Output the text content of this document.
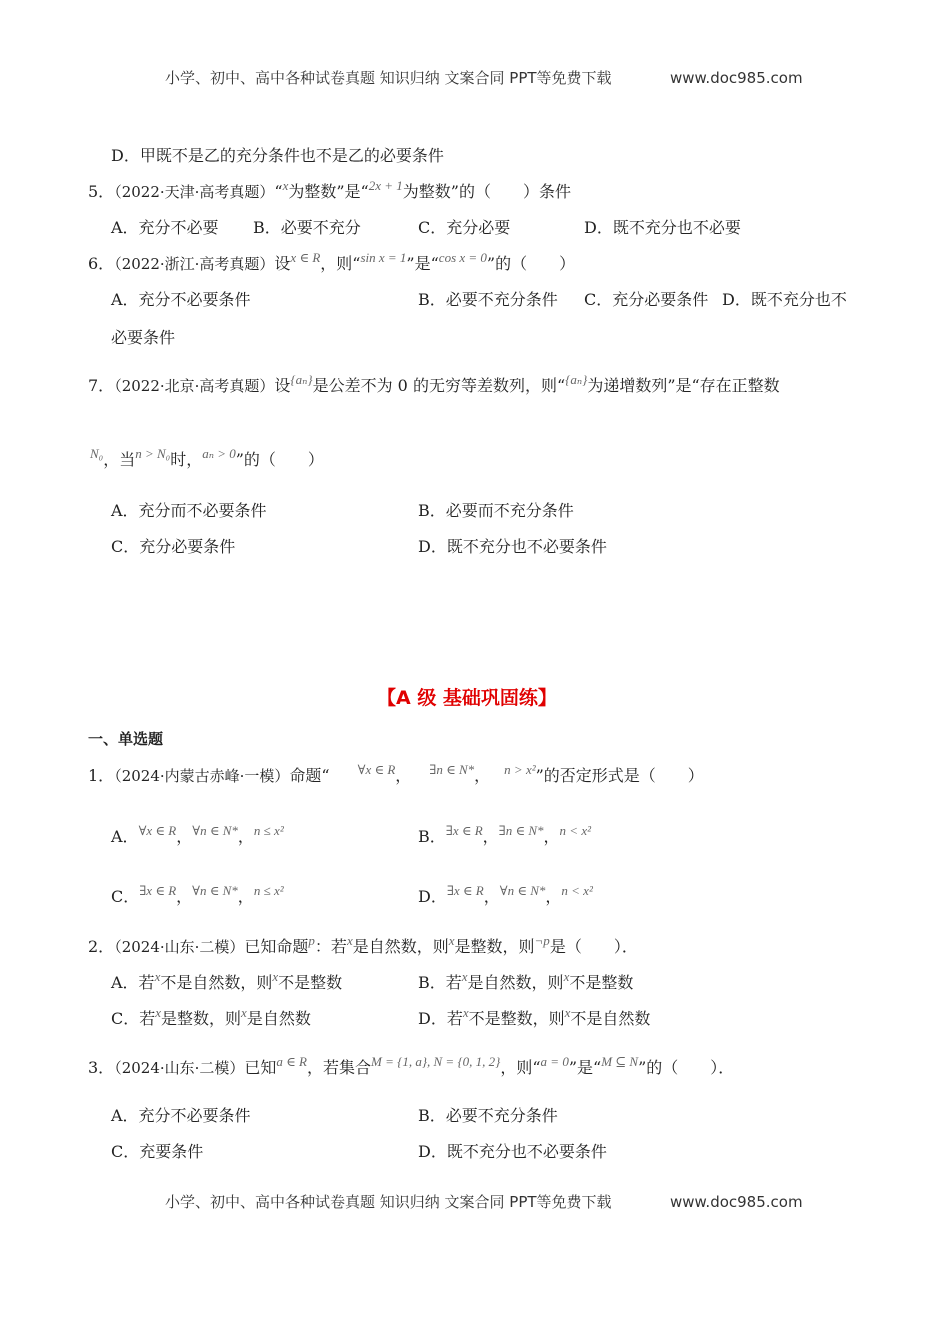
小学、初中、高中各种试卷真题 知识归纳 文案合同 PPT等免费下载	www.doc985.com
D．甲既不是乙的充分条件也不是乙的必要条件
5．（2022·天津·高考真题）“$^x$为整数”是“$^{2x + 1}$为整数”的（　　）条件
A．充分不必要 B．必要不充分	C．充分必要	D．既不充分也不必要
6．（2022·浙江·高考真题）设$^{x \in R}$，则“$^{sin x = 1}$”是“$^{cos x = 0}$”的（　　）
A．充分不必要条件	B．必要不充分条件 C．充分必要条件 D．既不充分也不
必要条件
7．（2022·北京·高考真题）设$^{\{a_n\}}$是公差不为 0 的无穷等差数列，则“$^{\{a_n\}}$为递增数列”是“存在正整数
$^{N_0}$，当$^{n > N_0}$时，$^{a_n > 0}$”的（　　）
A．充分而不必要条件	B．必要而不充分条件
C．充分必要条件	D．既不充分也不必要条件
【A 级 基础巩固练】
一、单选题
1．（2024·内蒙古赤峰·一模）命题“ $^{\forall x \in R}$， $^{\exists n \in N*}$， $^{n > x^2}$”的否定形式是（　　）
A．$^{\forall x \in R}$，$^{\forall n \in N*}$，$^{n \le x^2}$	B．$^{\exists x \in R}$，$^{\exists n \in N*}$，$^{n < x^2}$
C．$^{\exists x \in R}$，$^{\forall n \in N*}$，$^{n \le x^2}$	D．$^{\exists x \in R}$，$^{\forall n \in N*}$，$^{n < x^2}$
2．（2024·山东·二模）已知命题$^p$：若$^x$是自然数，则$^x$是整数，则$^{\neg p}$是（　　）．
A．若$^x$不是自然数，则$^x$不是整数	B．若$^x$是自然数，则$^x$不是整数
C．若$^x$是整数，则$^x$是自然数	D．若$^x$不是整数，则$^x$不是自然数
3．（2024·山东·二模）已知$^{a \in R}$，若集合$^{M = \{1, a\}, N = \{0, 1, 2\}}$，则“$^{a = 0}$”是“$^{M ⊆ N}$”的（　　）．
A．充分不必要条件	B．必要不充分条件
C．充要条件	D．既不充分也不必要条件
小学、初中、高中各种试卷真题 知识归纳 文案合同 PPT等免费下载	www.doc985.com
